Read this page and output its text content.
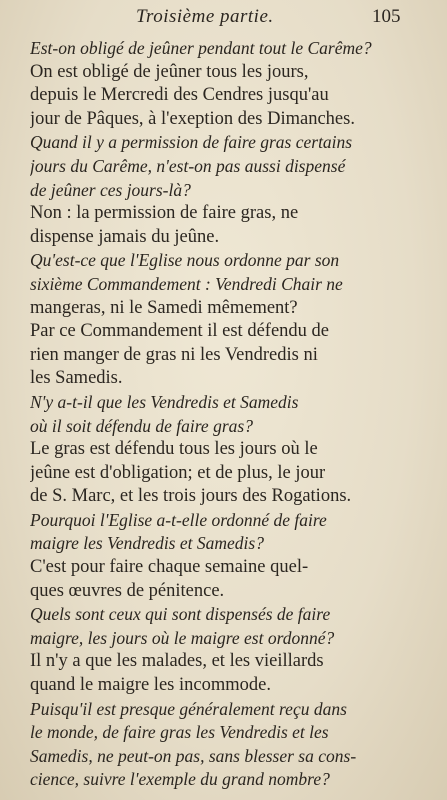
Troisième partie.	105
Est-on obligé de jeûner pendant tout le Carême?
On est obligé de jeûner tous les jours,
depuis le Mercredi des Cendres jusqu'au
jour de Pâques, à l'exeption des Dimanches.
Quand il y a permission de faire gras certains
jours du Carême, n'est-on pas aussi dispensé
de jeûner ces jours-là?
Non : la permission de faire gras, ne
dispense jamais du jeûne.
Qu'est-ce que l'Eglise nous ordonne par son
sixième Commandement : Vendredi Chair ne
mangeras, ni le Samedi mêmement?
Par ce Commandement il est défendu de
rien manger de gras ni les Vendredis ni
les Samedis.
N'y a-t-il que les Vendredis et Samedis
où il soit défendu de faire gras?
Le gras est défendu tous les jours où le
jeûne est d'obligation; et de plus, le jour
de S. Marc, et les trois jours des Rogations.
Pourquoi l'Eglise a-t-elle ordonné de faire
maigre les Vendredis et Samedis?
C'est pour faire chaque semaine quel-
ques œuvres de pénitence.
Quels sont ceux qui sont dispensés de faire
maigre, les jours où le maigre est ordonné?
Il n'y a que les malades, et les vieillards
quand le maigre les incommode.
Puisqu'il est presque généralement reçu dans
le monde, de faire gras les Vendredis et les
Samedis, ne peut-on pas, sans blesser sa cons-
cience, suivre l'exemple du grand nombre?
